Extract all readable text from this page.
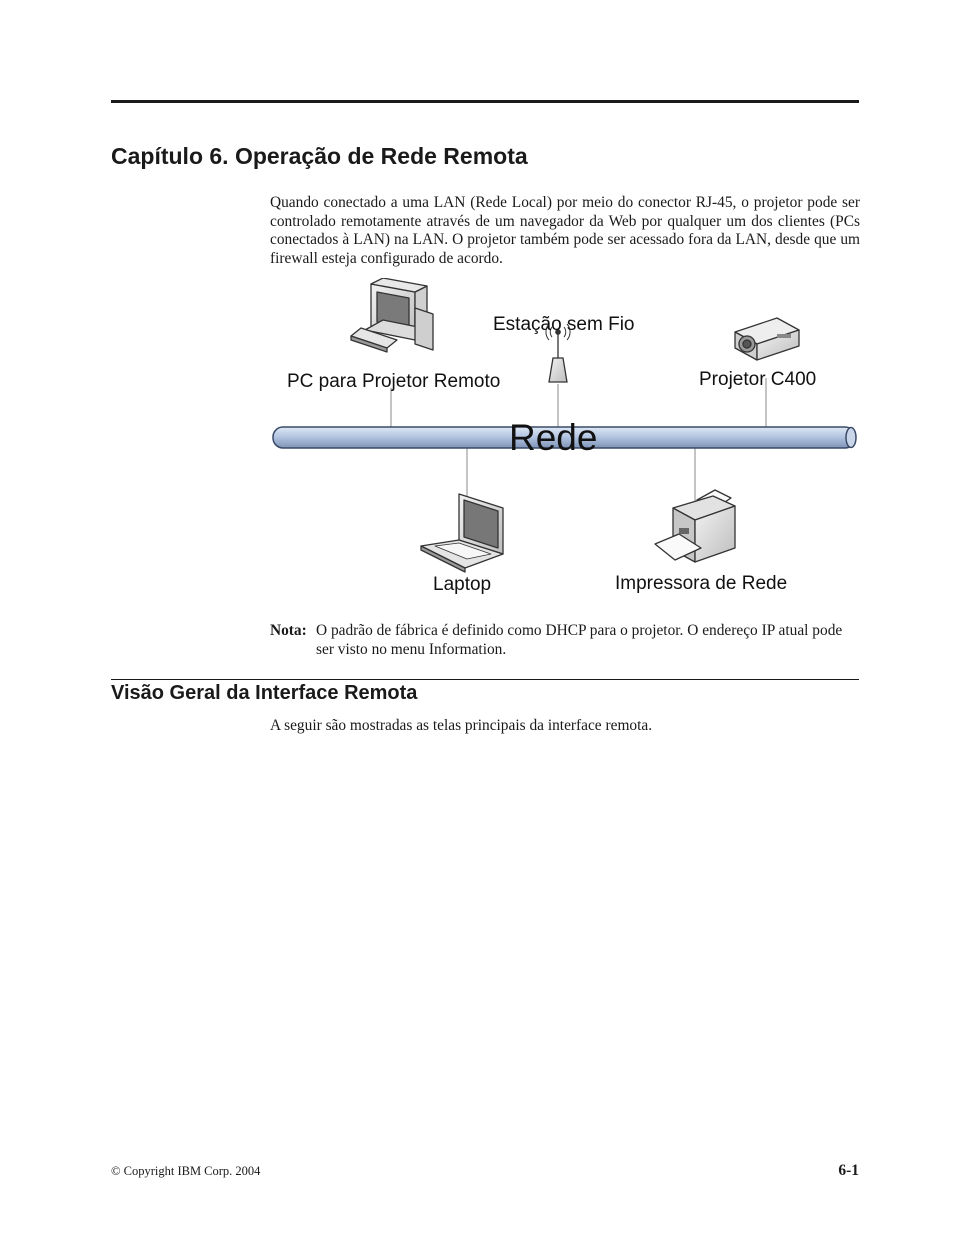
Capítulo 6. Operação de Rede Remota

Quando conectado a uma LAN (Rede Local) por meio do conector RJ-45, o projetor pode ser controlado remotamente através de um navegador da Web por qualquer um dos clientes (PCs conectados à LAN) na LAN. O projetor também pode ser acessado fora da LAN, desde que um firewall esteja configurado de acordo.

Rede
PC para Projetor Remoto
Estação sem Fio
Projetor C400
Laptop	Impressora de Rede
Nota: O padrão de fábrica é definido como DHCP para o projetor. O endereço IP atual pode ser visto no menu Information.
Visão Geral da Interface Remota

A seguir são mostradas as telas principais da interface remota.

© Copyright IBM Corp. 2004	6-1
